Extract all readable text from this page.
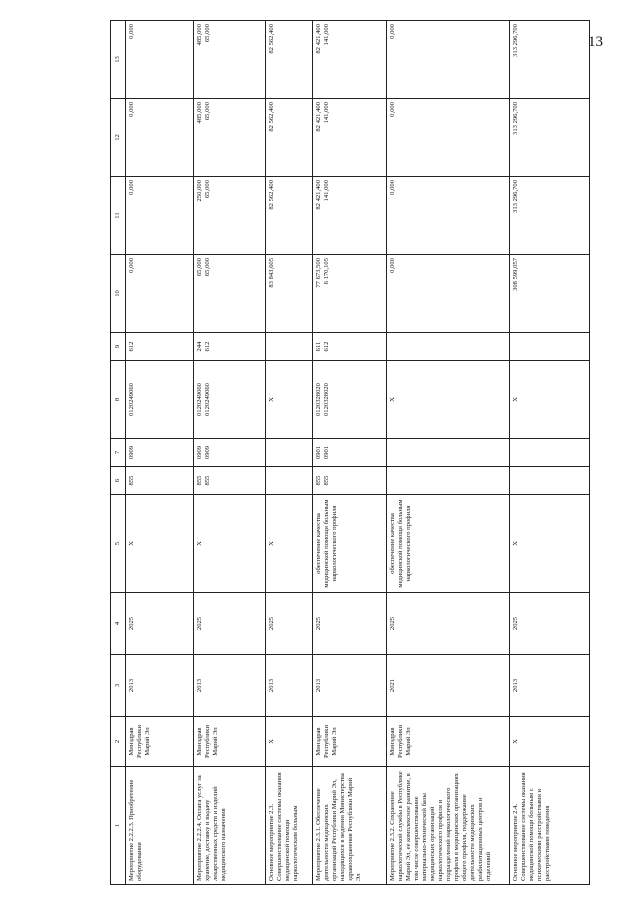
13
1	2	3	4	5	6	7	8	9	10	11	12	13
Мероприятие 2.2.2.3. Приобретение оборудования	Минздрав Республики Марий Эл	2013	2025	X	855	0909	0120249060	612	0,000	0,000	0,000	0,000

Мероприятие 2.2.2.4. Оплата услуг за хранение, доставку и выдачу лекарственных средств и изделий медицинского назначения	Минздрав Республики Марий Эл	2013	2025	X	855 855	0909 0909	0120249060 0120249060	244 612	65,000 65,000	250,000 65,000	485,000 65,000	485,000 65,000

Основное мероприятие 2.3. Совершенствование системы оказания медицинской помощи наркологическим больным	X	2013	2025	X			X		83 843,605	82 562,400	82 562,400	82 562,400

Мероприятие 2.3.1. Обеспечение деятельности медицинских организаций Республики Марий Эл, находящихся в ведении Министерства здравоохранения Республики Марий Эл	Минздрав Республики Марий Эл	2013	2025	обеспечение качества медицинской помощи больным наркологического профиля	855 855	0901 0901	0120328020 0120328020	611 612	77 673,500 6 170,105	82 421,400 141,000	82 421,400 141,000	82 421,400 141,000

Мероприятие 2.3.2. Сохранение наркологической службы в Республике Марий Эл, ее комплексное развитие, в том числе совершенствование материально-технической базы медицинских организаций наркологического профиля и подразделений наркологического профиля в медицинских организациях общего профиля, поддержание деятельности медицинских реабилитационных центров и отделений	Минздрав Республики Марий Эл	2021	2025	обеспечение качества медицинской помощи больным наркологического профиля			X		0,000	0,000	0,000	0,000

Основное мероприятие 2.4. Совершенствование системы оказания медицинской помощи больным с психическими расстройствами и расстройствами поведения	X	2013	2025	X			X		308 599,057	313 296,700	313 296,700	313 296,700
